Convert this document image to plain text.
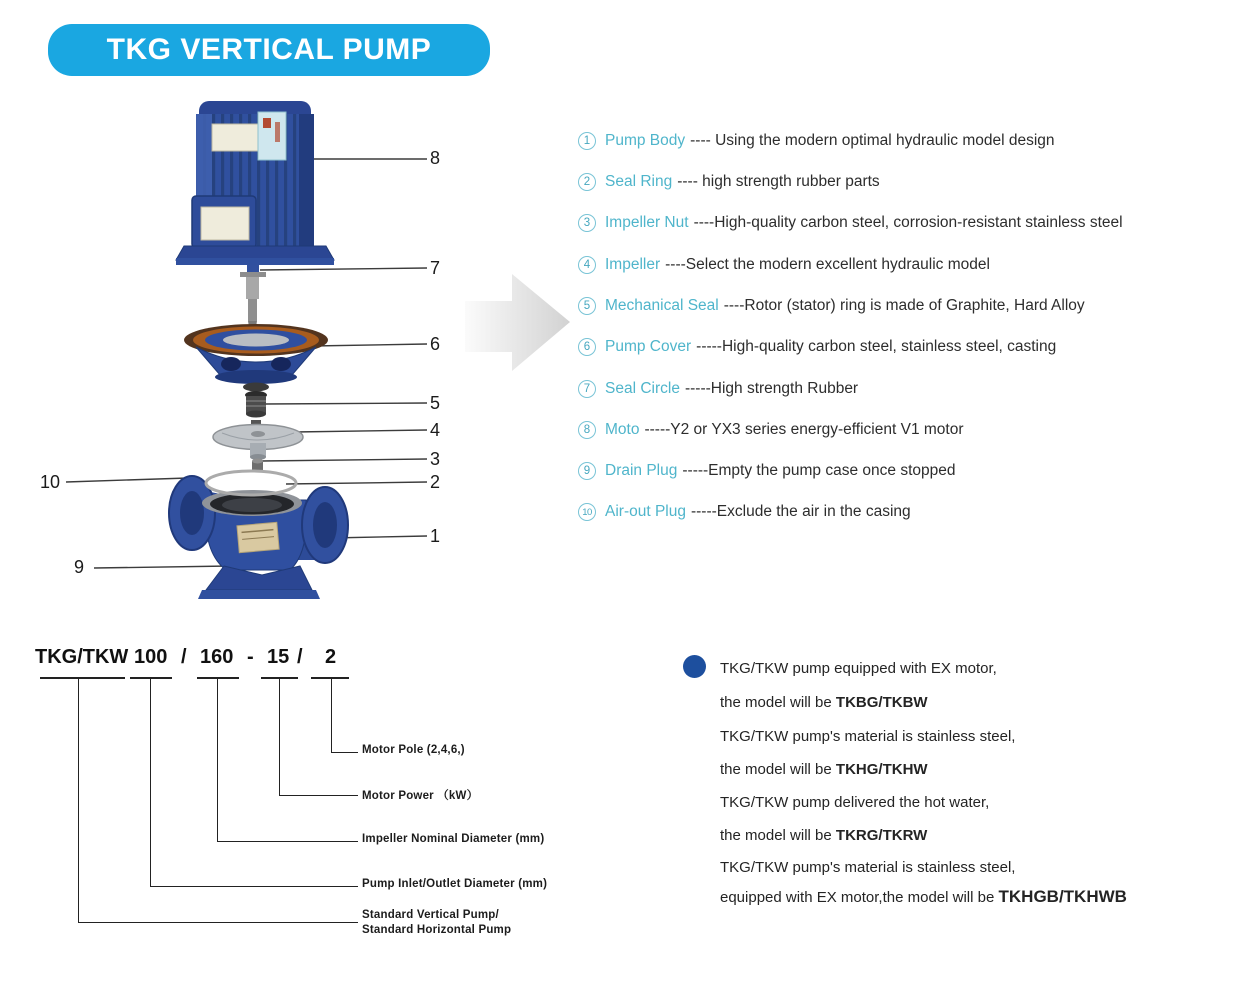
TKG VERTICAL PUMP
8
7
6
5
4
3
2
1
10
9
1 Pump Body ---- Using the modern optimal hydraulic model design
2 Seal Ring ---- high strength rubber parts
3 Impeller Nut ----High-quality carbon steel, corrosion-resistant stainless steel
4 Impeller ----Select the modern excellent hydraulic model
5 Mechanical Seal ----Rotor (stator) ring is made of Graphite, Hard Alloy
6 Pump Cover -----High-quality carbon steel, stainless steel, casting
7 Seal Circle -----High strength Rubber
8 Moto -----Y2 or YX3 series energy-efficient V1 motor
9 Drain Plug -----Empty the pump case once stopped
10 Air-out Plug -----Exclude the air in the casing
TKG/TKW 100 / 160 - 15 / 2
Motor Pole (2,4,6,)
Motor Power （kW）
Impeller Nominal Diameter (mm)
Pump Inlet/Outlet Diameter (mm)
Standard Vertical Pump/
Standard Horizontal Pump
TKG/TKW pump equipped with EX motor,
the model will be TKBG/TKBW
TKG/TKW pump's material is stainless steel,
the model will be TKHG/TKHW
TKG/TKW pump delivered the hot water,
the model will be TKRG/TKRW
TKG/TKW pump's material is stainless steel,
equipped with EX motor,the model will be TKHGB/TKHWB
